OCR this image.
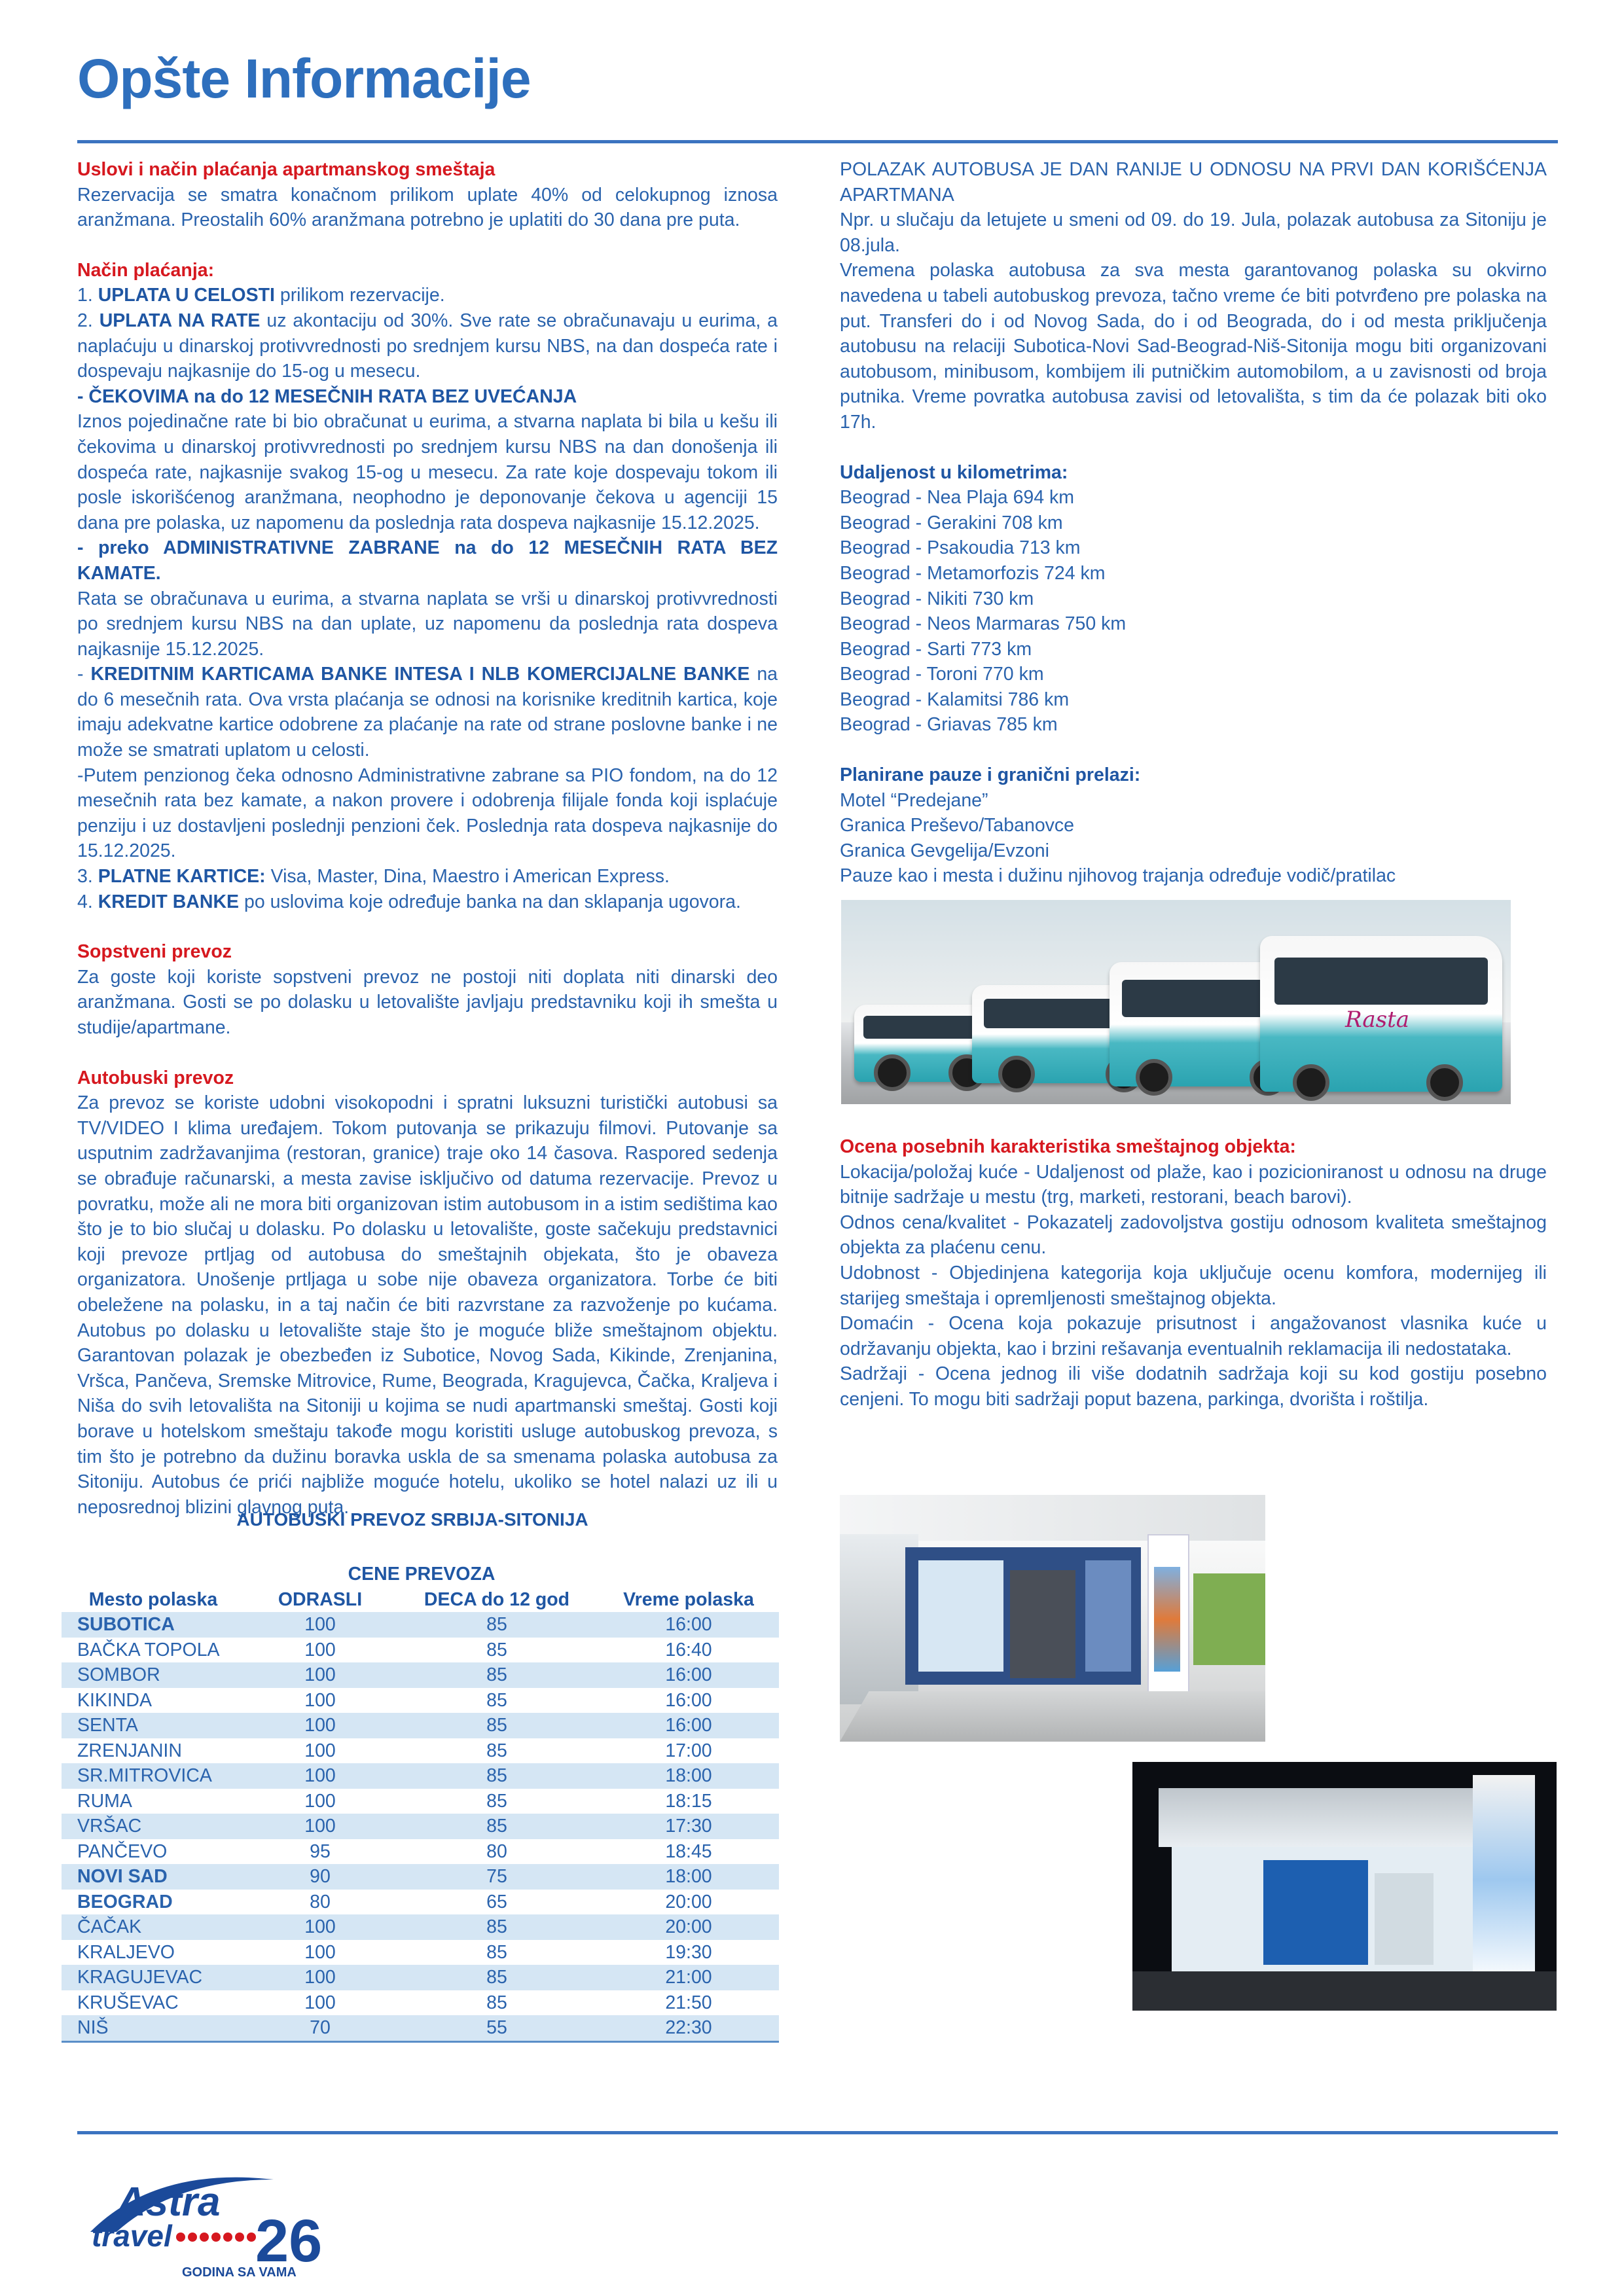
Opšte Informacije

Uslovi i način plaćanja apartmanskog smeštaja

Rezervacija se smatra konačnom prilikom uplate 40% od celokupnog iznosa aranžmana. Preostalih 60% aranžmana potrebno je uplatiti do 30 dana pre puta.

Način plaćanja:

1. UPLATA U CELOSTI prilikom rezervacije.

2. UPLATA NA RATE uz akontaciju od 30%. Sve rate se obračunavaju u eurima, a naplaćuju u dinarskoj protivvrednosti po srednjem kursu NBS, na dan dospeća rate i dospevaju najkasnije do 15-og u mesecu.

- ČEKOVIMA na do 12 MESEČNIH RATA BEZ UVEĆANJA

Iznos pojedinačne rate bi bio obračunat u eurima, a stvarna naplata bi bila u kešu ili čekovima u dinarskoj protivvrednosti po srednjem kursu NBS na dan donošenja ili dospeća rate, najkasnije svakog 15-og u mesecu. Za rate koje dospevaju tokom ili posle iskorišćenog aranžmana, neophodno je deponovanje čekova u agenciji 15 dana pre polaska, uz napomenu da poslednja rata dospeva najkasnije 15.12.2025.

- preko ADMINISTRATIVNE ZABRANE na do 12 MESEČNIH RATA BEZ KAMATE.

Rata se obračunava u eurima, a stvarna naplata se vrši u dinarskoj protivvrednosti po srednjem kursu NBS na dan uplate, uz napomenu da poslednja rata dospeva najkasnije 15.12.2025.

- KREDITNIM KARTICAMA BANKE INTESA I NLB KOMERCIJALNE BANKE na do 6 mesečnih rata. Ova vrsta plaćanja se odnosi na korisnike kreditnih kartica, koje imaju adekvatne kartice odobrene za plaćanje na rate od strane poslovne banke i ne može se smatrati uplatom u celosti.

-Putem penzionog čeka odnosno Administrativne zabrane sa PIO fondom, na do 12 mesečnih rata bez kamate, a nakon provere i odobrenja filijale fonda koji isplaćuje penziju i uz dostavljeni poslednji penzioni ček. Poslednja rata dospeva najkasnije do 15.12.2025.

3. PLATNE KARTICE: Visa, Master, Dina, Maestro i American Express.

4. KREDIT BANKE po uslovima koje određuje banka na dan sklapanja ugovora.

Sopstveni prevoz

Za goste koji koriste sopstveni prevoz ne postoji niti doplata niti dinarski deo aranžmana. Gosti se po dolasku u letovalište javljaju predstavniku koji ih smešta u studije/apartmane.

Autobuski prevoz

Za prevoz se koriste udobni visokopodni i spratni luksuzni turistički autobusi sa TV/VIDEO I klima uređajem. Tokom putovanja se prikazuju filmovi. Putovanje sa usputnim zadržavanjima (restoran, granice) traje oko 14 časova. Raspored sedenja se obrađuje računarski, a mesta zavise isključivo od datuma rezervacije. Prevoz u povratku, može ali ne mora biti organizovan istim autobusom in a istim sedištima kao što je to bio slučaj u dolasku. Po dolasku u letovalište, goste sačekuju predstavnici koji prevoze prtljag od autobusa do smeštajnih objekata, što je obaveza organizatora. Unošenje prtljaga u sobe nije obaveza organizatora. Torbe će biti obeležene na polasku, in a taj način će biti razvrstane za razvoženje po kućama. Autobus po dolasku u letovalište staje što je moguće bliže smeštajnom objektu. Garantovan polazak je obezbeđen iz Subotice, Novog Sada, Kikinde, Zrenjanina, Vršca, Pančeva, Sremske Mitrovice, Rume, Beograda, Kragujevca, Čačka, Kraljeva i Niša do svih letovališta na Sitoniji u kojima se nudi apartmanski smeštaj. Gosti koji borave u hotelskom smeštaju takođe mogu koristiti usluge autobuskog prevoza, s tim što je potrebno da dužinu boravka uskla de sa smenama polaska autobusa za Sitoniju. Autobus će prići najbliže moguće hotelu, ukoliko se hotel nalazi uz ili u neposrednoj blizini glavnog puta.

POLAZAK AUTOBUSA JE DAN RANIJE U ODNOSU NA PRVI DAN KORIŠĆENJA APARTMANA

Npr. u slučaju da letujete u smeni od 09. do 19. Jula, polazak autobusa za Sitoniju je 08.jula.

Vremena polaska autobusa za sva mesta garantovanog polaska su okvirno navedena u tabeli autobuskog prevoza, tačno vreme će biti potvrđeno pre polaska na put. Transferi do i od Novog Sada, do i od Beograda, do i od mesta priključenja autobusu na relaciji Subotica-Novi Sad-Beograd-Niš-Sitonija mogu biti organizovani autobusom, minibusom, kombijem ili putničkim automobilom, a u zavisnosti od broja putnika. Vreme povratka autobusa zavisi od letovališta, s tim da će polazak biti oko 17h.

Udaljenost u kilometrima:

Beograd - Nea Plaja 694 km

Beograd - Gerakini 708 km

Beograd - Psakoudia 713 km

Beograd - Metamorfozis 724 km

Beograd - Nikiti 730 km

Beograd - Neos Marmaras 750 km

Beograd - Sarti 773 km

Beograd - Toroni 770 km

Beograd - Kalamitsi 786 km

Beograd - Griavas 785 km

Planirane pauze i granični prelazi:

Motel “Predejane”

Granica Preševo/Tabanovce

Granica Gevgelija/Evzoni

Pauze kao i mesta i dužinu njihovog trajanja određuje vodič/pratilac

Rasta

Ocena posebnih karakteristika smeštajnog objekta:

Lokacija/položaj kuće - Udaljenost od plaže, kao i pozicioniranost u odnosu na druge bitnije sadržaje u mestu (trg, marketi, restorani, beach barovi).

Odnos cena/kvalitet - Pokazatelj zadovoljstva gostiju odnosom kvaliteta smeštajnog objekta za plaćenu cenu.

Udobnost - Objedinjena kategorija koja uključuje ocenu komfora, modernijeg ili starijeg smeštaja i opremljenosti smeštajnog objekta.

Domaćin - Ocena koja pokazuje prisutnost i angažovanost vlasnika kuće u održavanju objekta, kao i brzini rešavanja eventualnih reklamacija ili nedostataka.

Sadržaji - Ocena jednog ili više dodatnih sadržaja koji su kod gostiju posebno cenjeni. To mogu biti sadržaji poput bazena, parkinga, dvorišta i roštilja.

AUTOBUSKI PREVOZ SRBIJA-SITONIJA
	CENE PREVOZA		
Mesto polaska	ODRASLI	DECA do 12 god	Vreme polaska
SUBOTICA	100	85	16:00
BAČKA TOPOLA	100	85	16:40
SOMBOR	100	85	16:00
KIKINDA	100	85	16:00
SENTA	100	85	16:00
ZRENJANIN	100	85	17:00
SR.MITROVICA	100	85	18:00
RUMA	100	85	18:15
VRŠAC	100	85	17:30
PANČEVO	95	80	18:45
NOVI SAD	90	75	18:00
BEOGRAD	80	65	20:00
ČAČAK	100	85	20:00
KRALJEVO	100	85	19:30
KRAGUJEVAC	100	85	21:00
KRUŠEVAC	100	85	21:50
NIŠ	70	55	22:30
Astra
travel 26
GODINA SA VAMA
